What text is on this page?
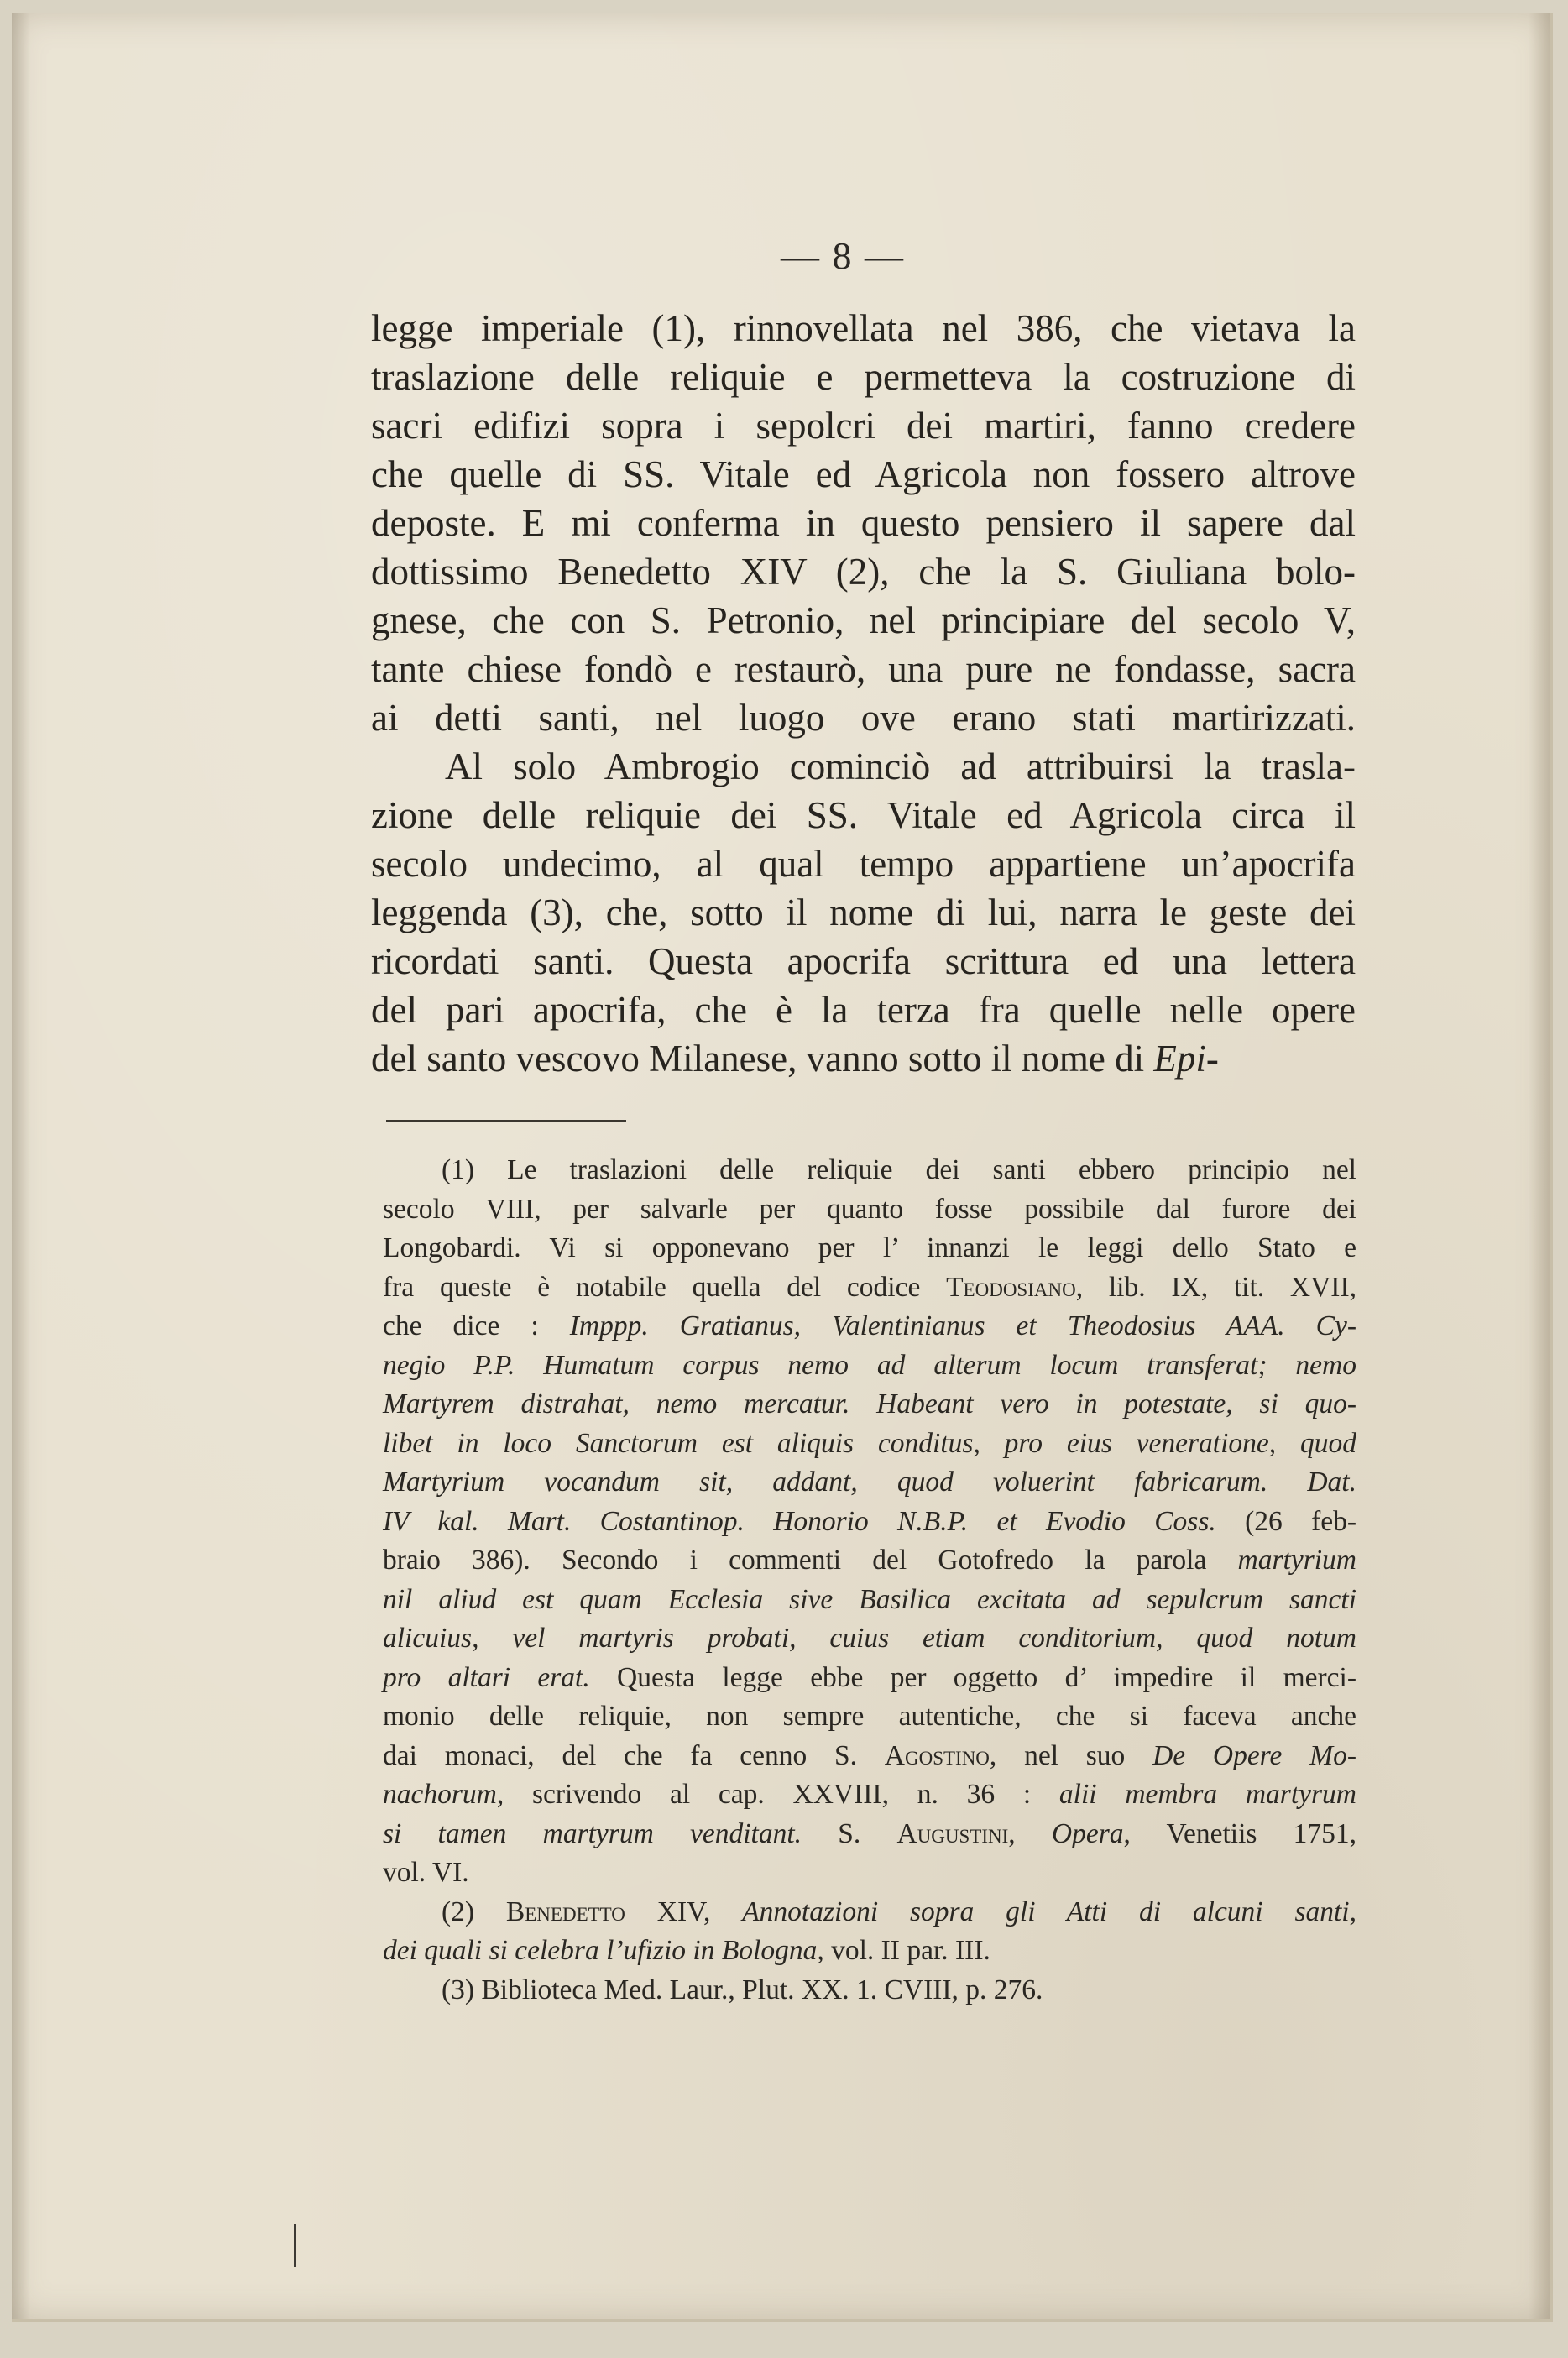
— 8 —
legge imperiale (1), rinnovellata nel 386, che vietava la
traslazione delle reliquie e permetteva la costruzione di
sacri edifizi sopra i sepolcri dei martiri, fanno credere
che quelle di SS. Vitale ed Agricola non fossero altrove
deposte. E mi conferma in questo pensiero il sapere dal
dottissimo Benedetto XIV (2), che la S. Giuliana bolo-
gnese, che con S. Petronio, nel principiare del secolo V,
tante chiese fondò e restaurò, una pure ne fondasse, sacra
ai detti santi, nel luogo ove erano stati martirizzati.
Al solo Ambrogio cominciò ad attribuirsi la trasla-
zione delle reliquie dei SS. Vitale ed Agricola circa il
secolo undecimo, al qual tempo appartiene un’apocrifa
leggenda (3), che, sotto il nome di lui, narra le geste dei
ricordati santi. Questa apocrifa scrittura ed una lettera
del pari apocrifa, che è la terza fra quelle nelle opere
del santo vescovo Milanese, vanno sotto il nome di Epi-
(1) Le traslazioni delle reliquie dei santi ebbero principio nel
secolo VIII, per salvarle per quanto fosse possibile dal furore dei
Longobardi. Vi si opponevano per l’ innanzi le leggi dello Stato e
fra queste è notabile quella del codice Teodosiano, lib. IX, tit. XVII,
che dice : Imppp. Gratianus, Valentinianus et Theodosius AAA. Cy-
negio P.P. Humatum corpus nemo ad alterum locum transferat; nemo
Martyrem distrahat, nemo mercatur. Habeant vero in potestate, si quo-
libet in loco Sanctorum est aliquis conditus, pro eius veneratione, quod
Martyrium vocandum sit, addant, quod voluerint fabricarum. Dat.
IV kal. Mart. Costantinop. Honorio N.B.P. et Evodio Coss. (26 feb-
braio 386). Secondo i commenti del Gotofredo la parola martyrium
nil aliud est quam Ecclesia sive Basilica excitata ad sepulcrum sancti
alicuius, vel martyris probati, cuius etiam conditorium, quod notum
pro altari erat. Questa legge ebbe per oggetto d’ impedire il merci-
monio delle reliquie, non sempre autentiche, che si faceva anche
dai monaci, del che fa cenno S. Agostino, nel suo De Opere Mo-
nachorum, scrivendo al cap. XXVIII, n. 36 : alii membra martyrum
si tamen martyrum venditant. S. Augustini, Opera, Venetiis 1751,
vol. VI.
(2) Benedetto XIV, Annotazioni sopra gli Atti di alcuni santi,
dei quali si celebra l’ufizio in Bologna, vol. II par. III.
(3) Biblioteca Med. Laur., Plut. XX. 1. CVIII, p. 276.
